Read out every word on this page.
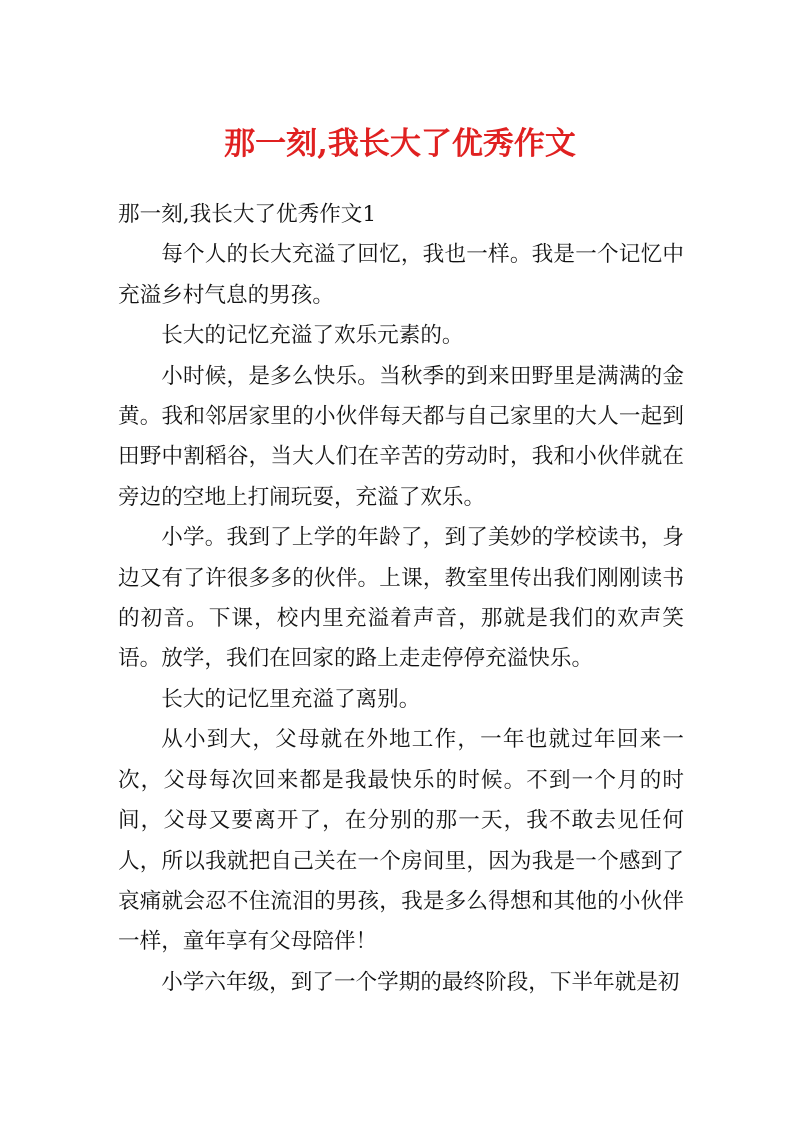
那一刻,我长大了优秀作文

那一刻,我长大了优秀作文1

每个人的长大充溢了回忆，我也一样。我是一个记忆中充溢乡村气息的男孩。

长大的记忆充溢了欢乐元素的。

小时候，是多么快乐。当秋季的到来田野里是满满的金黄。我和邻居家里的小伙伴每天都与自己家里的大人一起到田野中割稻谷，当大人们在辛苦的劳动时，我和小伙伴就在旁边的空地上打闹玩耍，充溢了欢乐。

小学。我到了上学的年龄了，到了美妙的学校读书，身边又有了许很多多的伙伴。上课，教室里传出我们刚刚读书的初音。下课，校内里充溢着声音，那就是我们的欢声笑语。放学，我们在回家的路上走走停停充溢快乐。

长大的记忆里充溢了离别。

从小到大，父母就在外地工作，一年也就过年回来一次，父母每次回来都是我最快乐的时候。不到一个月的时间，父母又要离开了，在分别的那一天，我不敢去见任何人，所以我就把自己关在一个房间里，因为我是一个感到了哀痛就会忍不住流泪的男孩，我是多么得想和其他的小伙伴一样，童年享有父母陪伴！

小学六年级，到了一个学期的最终阶段，下半年就是初
